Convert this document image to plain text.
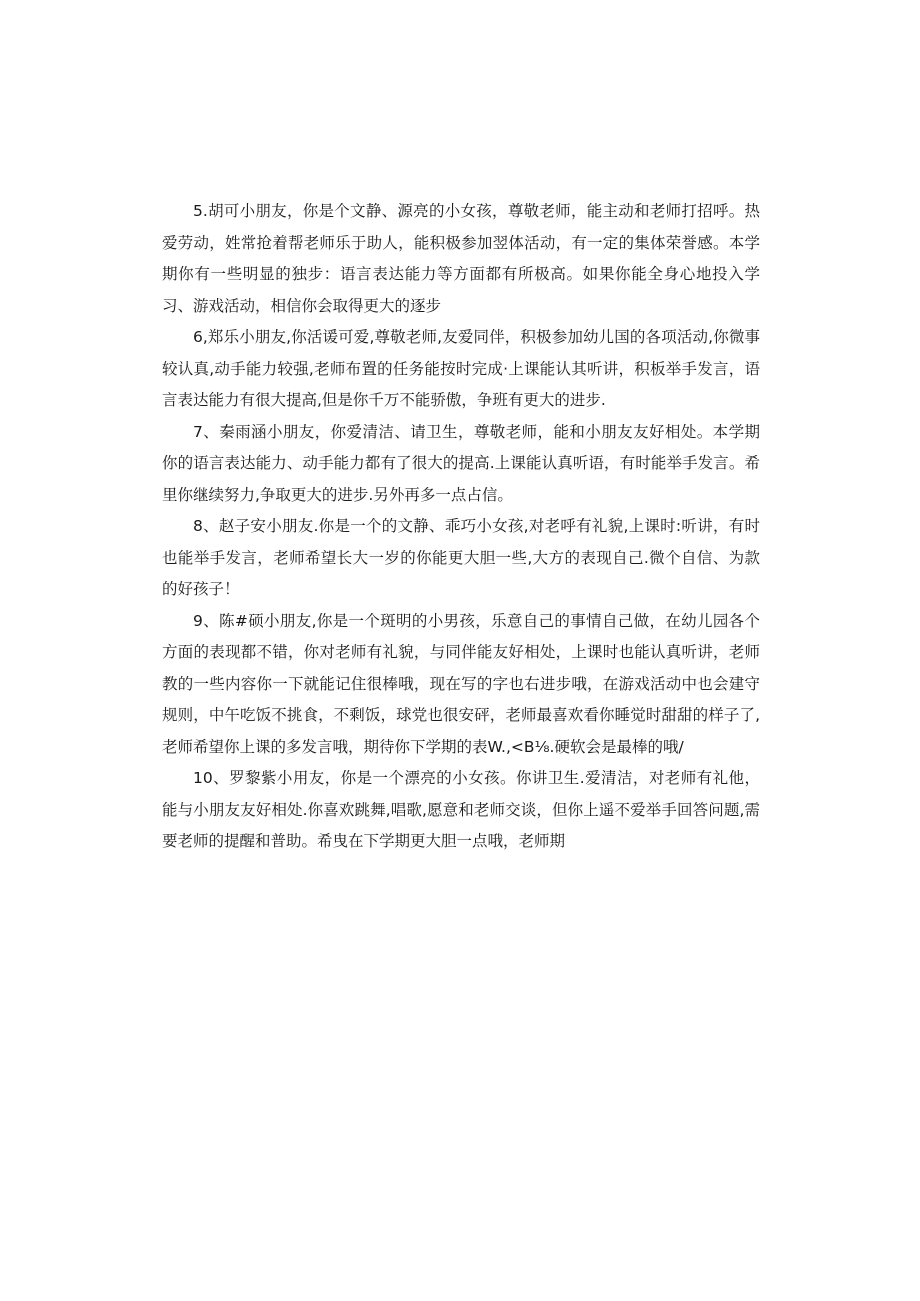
5.胡可小朋友，你是个文静、源亮的小女孩，尊敬老师，能主动和老师打招呼。热爱劳动，姓常抢着帮老师乐于助人，能积极参加翌体活动，有一定的集体荣誉感。本学期你有一些明显的独步：语言表达能力等方面都有所极高。如果你能全身心地投入学习、游戏活动，相信你会取得更大的逐步

6,郑乐小朋友,你活谖可爱,尊敬老师,友爱同伴，积极参加幼儿国的各项活动,你微事较认真,动手能力较强,老师布置的任务能按时完成·上课能认其听讲，积板举手发言，语言表达能力有很大提高,但是你千万不能骄傲，争班有更大的进步.

7、秦雨涵小朋友，你爱清洁、请卫生，尊敬老师，能和小朋友友好相处。本学期你的语言表达能力、动手能力都有了很大的提高.上课能认真听语，有时能举手发言。希里你继续努力,争取更大的进步.另外再多一点占信。

8、赵子安小朋友.你是一个的文静、乖巧小女孩,对老呼有礼貌,上课时:听讲，有时也能举手发言，老师希望长大一岁的你能更大胆一些,大方的表现自己.微个自信、为款的好孩子！

9、陈#硕小朋友,你是一个斑明的小男孩，乐意自己的事情自己做，在幼儿园各个方面的表现都不错，你对老师有礼貌，与同伴能友好相处，上课时也能认真听讲，老师教的一些内容你一下就能记住很棒哦，现在写的字也右进步哦，在游戏活动中也会建守规则，中午吃饭不挑食，不剩饭，球党也很安砰，老师最喜欢看你睡觉时甜甜的样子了,老师希望你上课的多发言哦，期待你下学期的表W.,<B⅛.硬软会是最棒的哦/

10、罗黎紫小用友，你是一个漂亮的小女孩。你讲卫生.爱清洁，对老师有礼他，能与小朋友友好相处.你喜欢跳舞,唱歌,愿意和老师交谈，但你上遥不爱举手回答问题,需要老师的提醒和普助。希曳在下学期更大胆一点哦，老师期
